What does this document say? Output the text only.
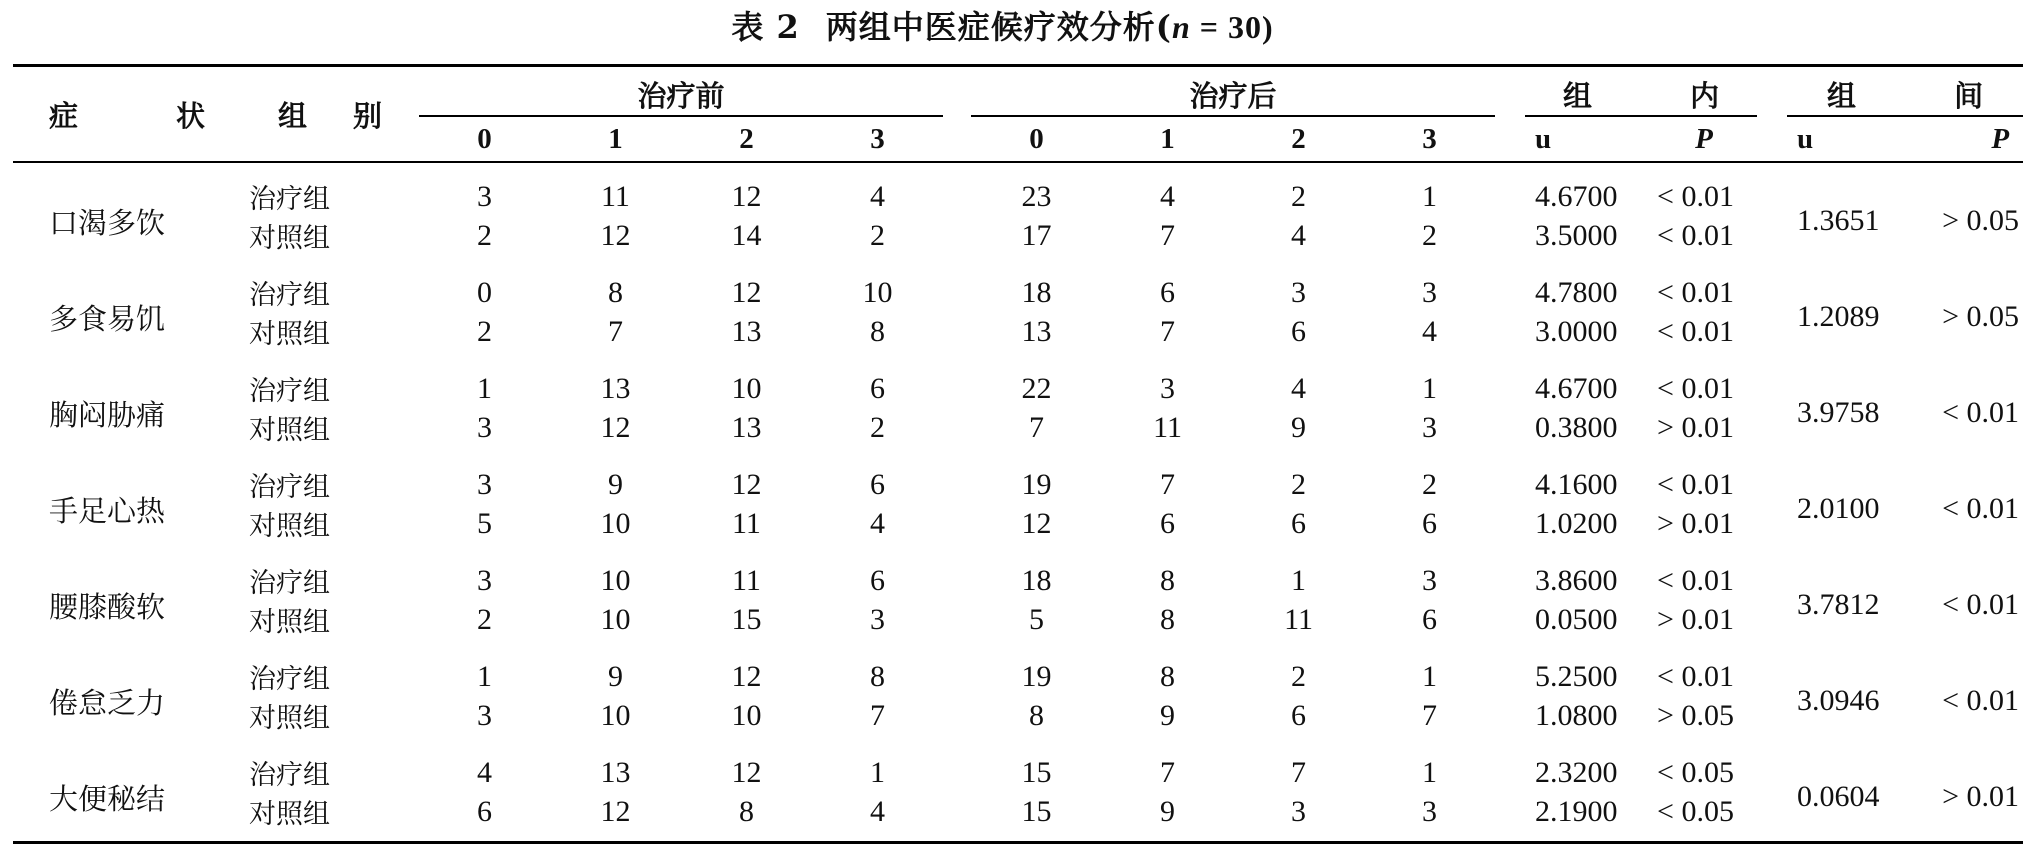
表 2 两组中医症候疗效分析(n = 30)
症 状	组 别	治疗前					治疗后					组 内			组 间	
		0	1	2	3		0	1	2	3		u	P		u	P
口渴多饮	治疗组	3	11	12	4		23	4	2	1		4.6700	< 0.01		1.3651	> 0.05
	对照组	2	12	14	2		17	7	4	2		3.5000	< 0.01			
多食易饥	治疗组	0	8	12	10		18	6	3	3		4.7800	< 0.01		1.2089	> 0.05
	对照组	2	7	13	8		13	7	6	4		3.0000	< 0.01			
胸闷胁痛	治疗组	1	13	10	6		22	3	4	1		4.6700	< 0.01		3.9758	< 0.01
	对照组	3	12	13	2		7	11	9	3		0.3800	> 0.01			
手足心热	治疗组	3	9	12	6		19	7	2	2		4.1600	< 0.01		2.0100	< 0.01
	对照组	5	10	11	4		12	6	6	6		1.0200	> 0.01			
腰膝酸软	治疗组	3	10	11	6		18	8	1	3		3.8600	< 0.01		3.7812	< 0.01
	对照组	2	10	15	3		5	8	11	6		0.0500	> 0.01			
倦怠乏力	治疗组	1	9	12	8		19	8	2	1		5.2500	< 0.01		3.0946	< 0.01
	对照组	3	10	10	7		8	9	6	7		1.0800	> 0.05			
大便秘结	治疗组	4	13	12	1		15	7	7	1		2.3200	< 0.05		0.0604	> 0.01
	对照组	6	12	8	4		15	9	3	3		2.1900	< 0.05			
